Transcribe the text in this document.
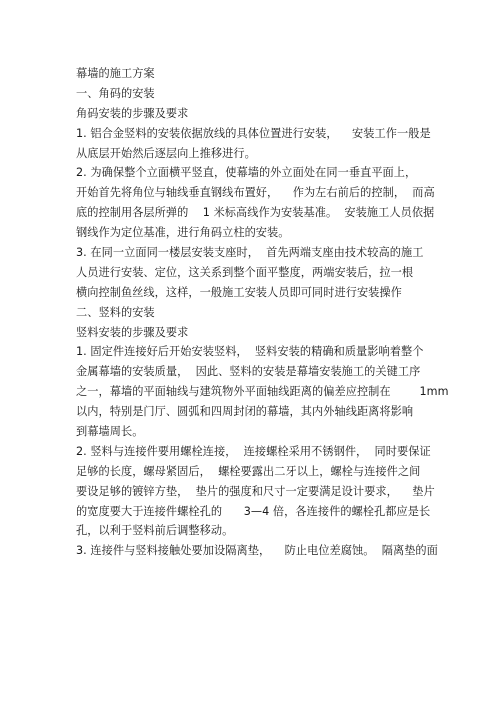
幕墙的施工方案
一、角码的安装
角码安装的步骤及要求
1. 铝合金竖料的安装依据放线的具体位置进行安装，    安装工作一般是
从底层开始然后逐层向上推移进行。
2. 为确保整个立面横平竖直，使幕墙的外立面处在同一垂直平面上，
开始首先将角位与轴线垂直钢线布置好，    作为左右前后的控制，  而高
底的控制用各层所弹的    1 米标高线作为安装基准。  安装施工人员依据
钢线作为定位基准，进行角码立柱的安装。
3. 在同一立面同一楼层安装支座时，  首先两端支座由技术较高的施工
人员进行安装、定位，这关系到整个面平整度，两端安装后，拉一根
横向控制鱼丝线，这样，一般施工安装人员即可同时进行安装操作
二、竖料的安装
竖料安装的步骤及要求
1. 固定件连接好后开始安装竖料，  竖料安装的精确和质量影响着整个
金属幕墙的安装质量，  因此、竖料的安装是幕墙安装施工的关键工序
之一，幕墙的平面轴线与建筑物外平面轴线距离的偏差应控制在        1mm
以内，特别是门厅、圆弧和四周封闭的幕墙，其内外轴线距离将影响
到幕墙周长。
2. 竖料与连接件要用螺栓连接，  连接螺栓采用不锈钢件，  同时要保证
足够的长度，螺母紧固后，  螺栓要露出二牙以上，螺栓与连接件之间
要设足够的镀锌方垫，  垫片的强度和尺寸一定要满足设计要求，    垫片
的宽度要大于连接件螺栓孔的      3—4 倍，各连接件的螺栓孔都应是长
孔，以利于竖料前后调整移动。
3. 连接件与竖料接触处要加设隔离垫，    防止电位差腐蚀。  隔离垫的面
